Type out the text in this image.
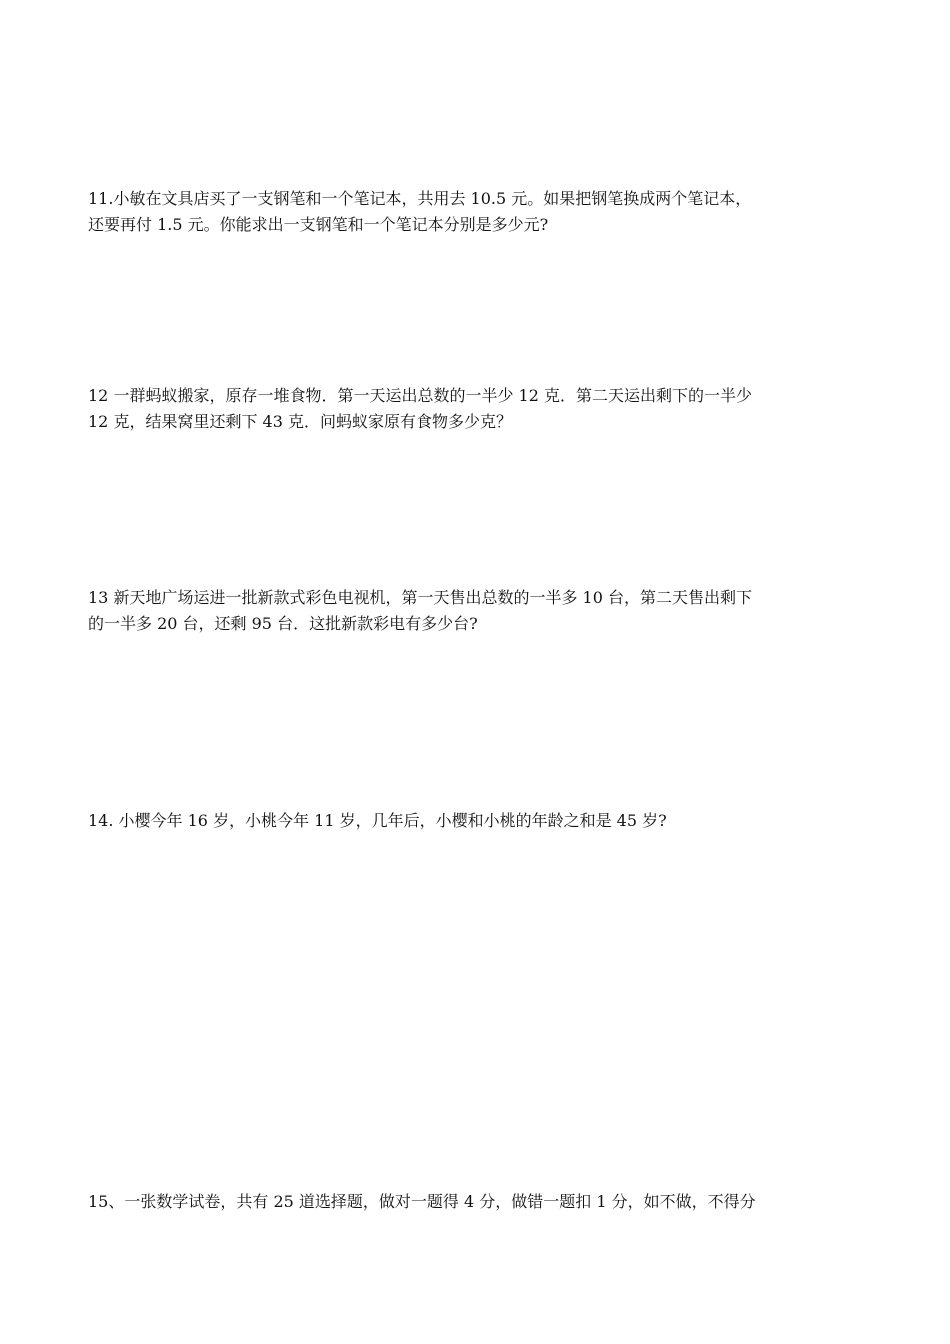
11.小敏在文具店买了一支钢笔和一个笔记本，共用去 10.5 元。如果把钢笔换成两个笔记本，
还要再付 1.5 元。你能求出一支钢笔和一个笔记本分别是多少元?
12 一群蚂蚁搬家，原存一堆食物．第一天运出总数的一半少 12 克．第二天运出剩下的一半少
12 克，结果窝里还剩下 43 克．问蚂蚁家原有食物多少克？
13 新天地广场运进一批新款式彩色电视机，第一天售出总数的一半多 10 台，第二天售出剩下
的一半多 20 台，还剩 95 台．这批新款彩电有多少台?
14. 小樱今年 16 岁，小桃今年 11 岁，几年后，小樱和小桃的年龄之和是 45 岁?
15、一张数学试卷，共有 25 道选择题，做对一题得 4 分，做错一题扣 1 分，如不做，不得分
